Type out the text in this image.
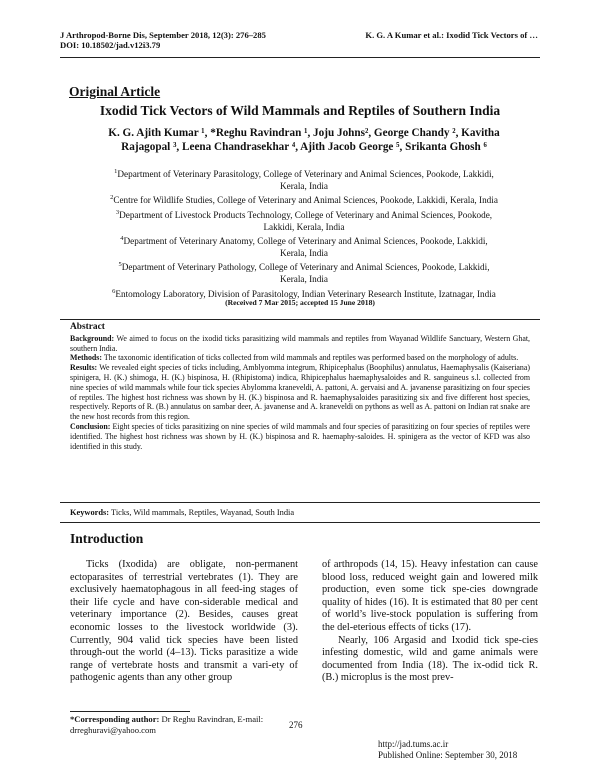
J Arthropod-Borne Dis, September 2018, 12(3): 276–285
DOI: 10.18502/jad.v12i3.79
K. G. A Kumar et al.: Ixodid Tick Vectors of …
Original Article
Ixodid Tick Vectors of Wild Mammals and Reptiles of Southern India
K. G. Ajith Kumar ¹, *Reghu Ravindran ¹, Joju Johns², George Chandy ², Kavitha
Rajagopal ³, Leena Chandrasekhar ⁴, Ajith Jacob George ⁵, Srikanta Ghosh ⁶
$^1$Department of Veterinary Parasitology, College of Veterinary and Animal Sciences, Pookode, Lakkidi,
Kerala, India
$^2$Centre for Wildlife Studies, College of Veterinary and Animal Sciences, Pookode, Lakkidi, Kerala, India
$^3$Department of Livestock Products Technology, College of Veterinary and Animal Sciences, Pookode,
Lakkidi, Kerala, India
$^4$Department of Veterinary Anatomy, College of Veterinary and Animal Sciences, Pookode, Lakkidi,
Kerala, India
$^5$Department of Veterinary Pathology, College of Veterinary and Animal Sciences, Pookode, Lakkidi,
Kerala, India
$^6$Entomology Laboratory, Division of Parasitology, Indian Veterinary Research Institute, Izatnagar, India
(Received 7 Mar 2015; accepted 15 June 2018)
Abstract
Background: We aimed to focus on the ixodid ticks parasitizing wild mammals and reptiles from Wayanad Wildlife Sanctuary, Western Ghat, southern India.
Methods: The taxonomic identification of ticks collected from wild mammals and reptiles was performed based on the morphology of adults.
Results: We revealed eight species of ticks including, Amblyomma integrum, Rhipicephalus (Boophilus) annulatus, Haemaphysalis (Kaiseriana) spinigera, H. (K.) shimoga, H. (K.) bispinosa, H. (Rhipistoma) indica, Rhipicephalus haemaphysaloides and R. sanguineus s.l. collected from nine species of wild mammals while four tick species Abylomma kraneveldi, A. pattoni, A. gervaisi and A. javanense parasitizing on four species of reptiles. The highest host richness was shown by H. (K.) bispinosa and R. haemaphysaloides parasitizing six and five different host species, respectively. Reports of R. (B.) annulatus on sambar deer, A. javanense and A. kraneveldi on pythons as well as A. pattoni on Indian rat snake are the new host records from this region.
Conclusion: Eight species of ticks parasitizing on nine species of wild mammals and four species of parasitizing on four species of reptiles were identified. The highest host richness was shown by H. (K.) bispinosa and R. haemaphy-saloides. H. spinigera as the vector of KFD was also identified in this study.
Keywords: Ticks, Wild mammals, Reptiles, Wayanad, South India
Introduction
Ticks (Ixodida) are obligate, non-permanent ectoparasites of terrestrial vertebrates (1). They are exclusively haematophagous in all feed-ing stages of their life cycle and have con-siderable medical and veterinary importance (2). Besides, causes great economic losses to the livestock worldwide (3). Currently, 904 valid tick species have been listed through-out the world (4–13). Ticks parasitize a wide range of vertebrate hosts and transmit a vari-ety of pathogenic agents than any other group
of arthropods (14, 15). Heavy infestation can cause blood loss, reduced weight gain and lowered milk production, even some tick spe-cies downgrade quality of hides (16). It is estimated that 80 per cent of world’s live-stock population is suffering from the del-eterious effects of ticks (17).
Nearly, 106 Argasid and Ixodid tick spe-cies infesting domestic, wild and game animals were documented from India (18). The ix-odid tick R. (B.) microplus is the most prev-
*Corresponding author: Dr Reghu Ravindran, E-mail: drreghuravi@yahoo.com	276
http://jad.tums.ac.ir
Published Online: September 30, 2018
